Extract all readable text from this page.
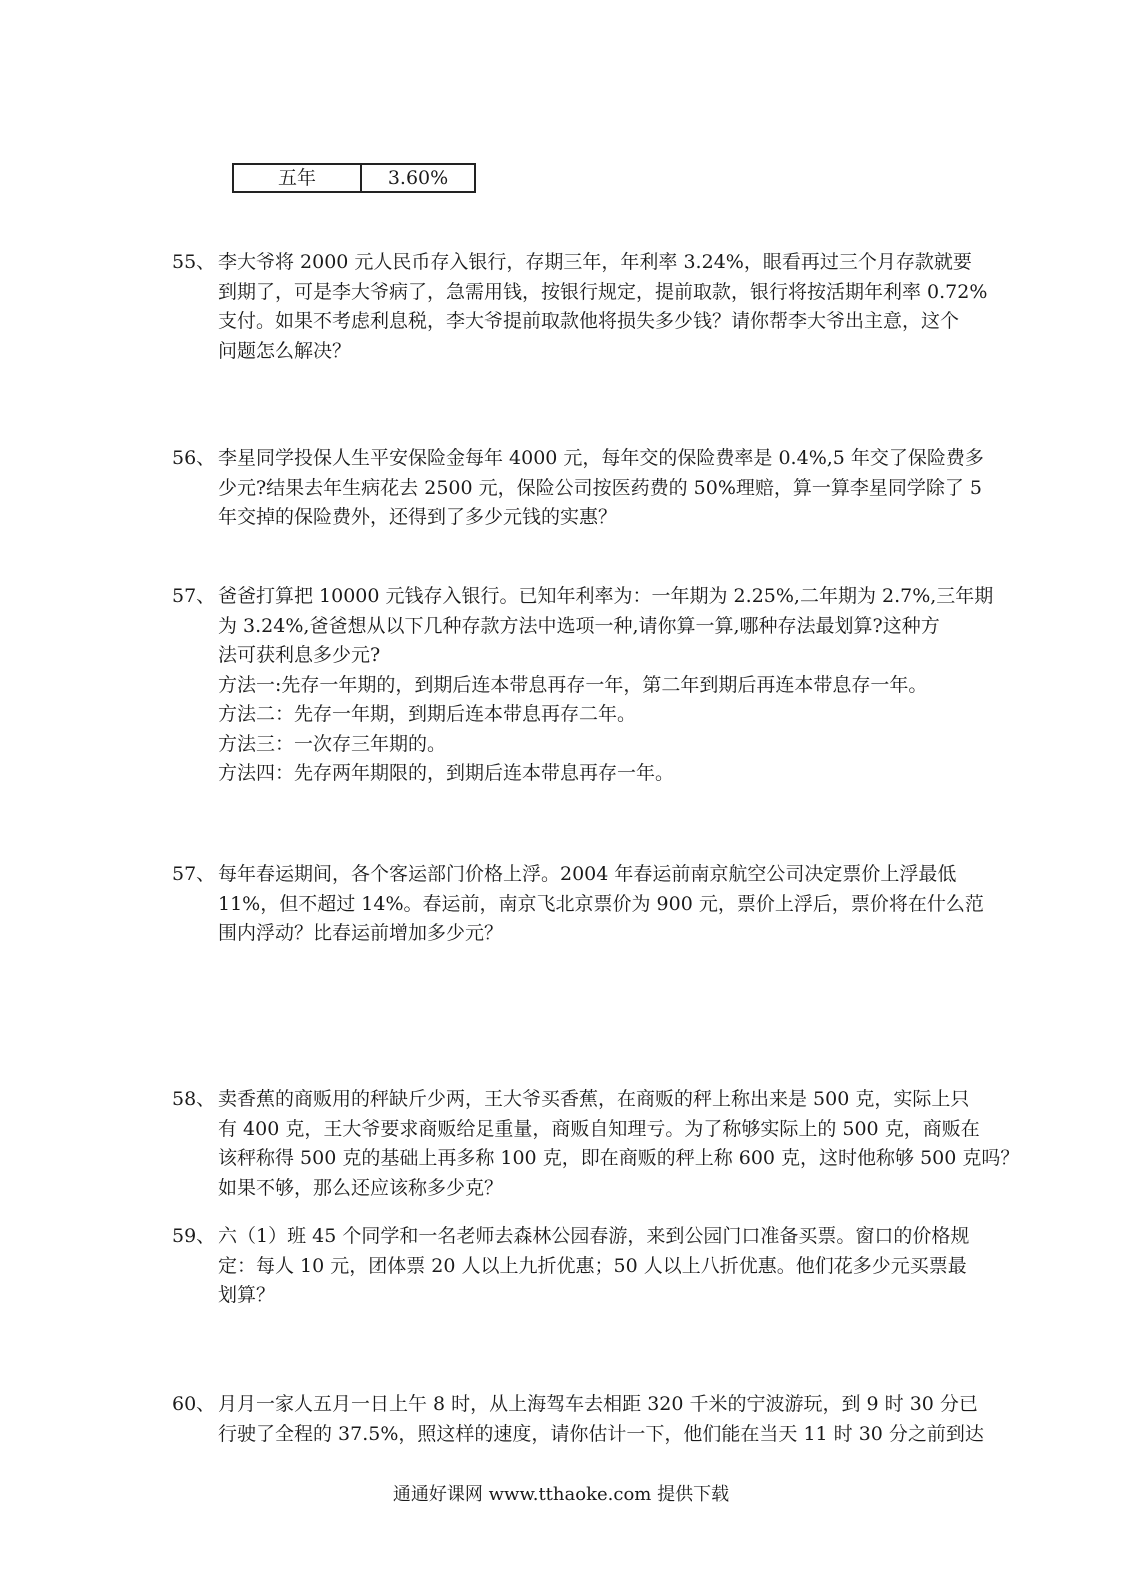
五年	3.60%
55、 李大爷将 2000 元人民币存入银行，存期三年，年利率 3.24%，眼看再过三个月存款就要
到期了，可是李大爷病了，急需用钱，按银行规定，提前取款，银行将按活期年利率 0.72%
支付。如果不考虑利息税，李大爷提前取款他将损失多少钱？请你帮李大爷出主意，这个
问题怎么解决？
56、 李星同学投保人生平安保险金每年 4000 元，每年交的保险费率是 0.4%,5 年交了保险费多
少元?结果去年生病花去 2500 元，保险公司按医药费的 50%理赔，算一算李星同学除了 5
年交掉的保险费外，还得到了多少元钱的实惠？
57、 爸爸打算把 10000 元钱存入银行。已知年利率为：一年期为 2.25%,二年期为 2.7%,三年期
为 3.24%,爸爸想从以下几种存款方法中选项一种,请你算一算,哪种存法最划算?这种方
法可获利息多少元?
方法一:先存一年期的，到期后连本带息再存一年，第二年到期后再连本带息存一年。
方法二：先存一年期，到期后连本带息再存二年。
方法三：一次存三年期的。
方法四：先存两年期限的，到期后连本带息再存一年。
57、 每年春运期间，各个客运部门价格上浮。2004 年春运前南京航空公司决定票价上浮最低
11%，但不超过 14%。春运前，南京飞北京票价为 900 元，票价上浮后，票价将在什么范
围内浮动？比春运前增加多少元？
58、 卖香蕉的商贩用的秤缺斤少两，王大爷买香蕉，在商贩的秤上称出来是 500 克，实际上只
有 400 克，王大爷要求商贩给足重量，商贩自知理亏。为了称够实际上的 500 克，商贩在
该秤称得 500 克的基础上再多称 100 克，即在商贩的秤上称 600 克，这时他称够 500 克吗？
如果不够，那么还应该称多少克？
59、 六（1）班 45 个同学和一名老师去森林公园春游，来到公园门口准备买票。窗口的价格规
定：每人 10 元，团体票 20 人以上九折优惠；50 人以上八折优惠。他们花多少元买票最
划算？
60、 月月一家人五月一日上午 8 时，从上海驾车去相距 320 千米的宁波游玩，到 9 时 30 分已
行驶了全程的 37.5%，照这样的速度，请你估计一下，他们能在当天 11 时 30 分之前到达
通通好课网 www.tthaoke.com 提供下载
